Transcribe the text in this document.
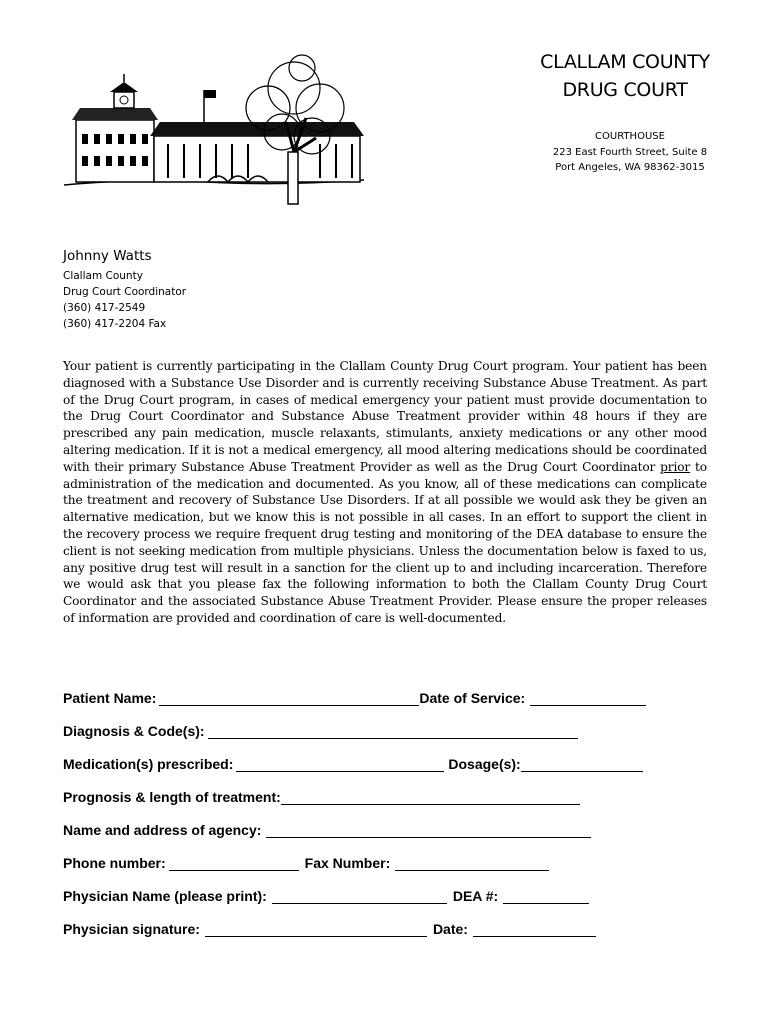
CLALLAM COUNTY
DRUG COURT
COURTHOUSE
223 East Fourth Street, Suite 8
Port Angeles, WA 98362-3015
Johnny Watts
Clallam County
Drug Court Coordinator
(360) 417-2549
(360) 417-2204 Fax
Your patient is currently participating in the Clallam County Drug Court program. Your patient has been diagnosed with a Substance Use Disorder and is currently receiving Substance Abuse Treatment. As part of the Drug Court program, in cases of medical emergency your patient must provide documentation to the Drug Court Coordinator and Substance Abuse Treatment provider within 48 hours if they are prescribed any pain medication, muscle relaxants, stimulants, anxiety medications or any other mood altering medication. If it is not a medical emergency, all mood altering medications should be coordinated with their primary Substance Abuse Treatment Provider as well as the Drug Court Coordinator prior to administration of the medication and documented. As you know, all of these medications can complicate the treatment and recovery of Substance Use Disorders. If at all possible we would ask they be given an alternative medication, but we know this is not possible in all cases. In an effort to support the client in the recovery process we require frequent drug testing and monitoring of the DEA database to ensure the client is not seeking medication from multiple physicians. Unless the documentation below is faxed to us, any positive drug test will result in a sanction for the client up to and including incarceration. Therefore we would ask that you please fax the following information to both the Clallam County Drug Court Coordinator and the associated Substance Abuse Treatment Provider. Please ensure the proper releases of information are provided and coordination of care is well-documented.
Patient Name:	Date of Service:
Diagnosis & Code(s):
Medication(s) prescribed:	Dosage(s):
Prognosis & length of treatment:
Name and address of agency:
Phone number:	Fax Number:
Physician Name (please print):	DEA #:
Physician signature:	Date:
